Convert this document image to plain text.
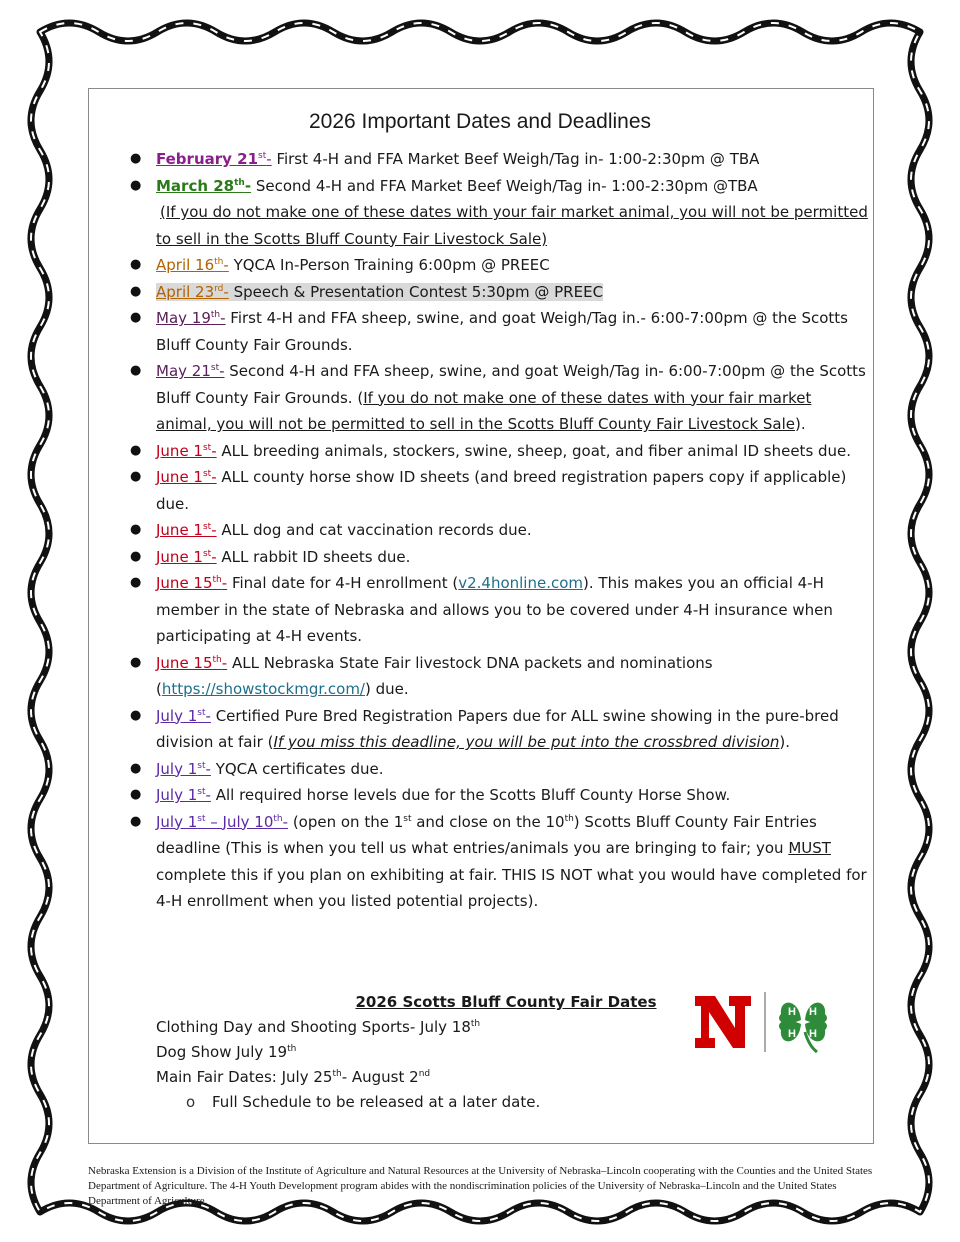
2026 Important Dates and Deadlines
● February 21st- First 4-H and FFA Market Beef Weigh/Tag in- 1:00-2:30pm @ TBA
● March 28th- Second 4-H and FFA Market Beef Weigh/Tag in- 1:00-2:30pm @TBA
(If you do not make one of these dates with your fair market animal, you will not be permitted to sell in the Scotts Bluff County Fair Livestock Sale)
● April 16th- YQCA In-Person Training 6:00pm @ PREEC
● April 23rd- Speech & Presentation Contest 5:30pm @ PREEC
● May 19th- First 4-H and FFA sheep, swine, and goat Weigh/Tag in.- 6:00-7:00pm @ the Scotts Bluff County Fair Grounds.
● May 21st- Second 4-H and FFA sheep, swine, and goat Weigh/Tag in- 6:00-7:00pm @ the Scotts Bluff County Fair Grounds. (If you do not make one of these dates with your fair market animal, you will not be permitted to sell in the Scotts Bluff County Fair Livestock Sale).
● June 1st- ALL breeding animals, stockers, swine, sheep, goat, and fiber animal ID sheets due.
● June 1st- ALL county horse show ID sheets (and breed registration papers copy if applicable) due.
● June 1st- ALL dog and cat vaccination records due.
● June 1st- ALL rabbit ID sheets due.
● June 15th- Final date for 4-H enrollment (v2.4honline.com). This makes you an official 4-H member in the state of Nebraska and allows you to be covered under 4-H insurance when participating at 4-H events.
● June 15th- ALL Nebraska State Fair livestock DNA packets and nominations (https://showstockmgr.com/) due.
● July 1st- Certified Pure Bred Registration Papers due for ALL swine showing in the pure-bred division at fair (If you miss this deadline, you will be put into the crossbred division).
● July 1st- YQCA certificates due.
● July 1st- All required horse levels due for the Scotts Bluff County Horse Show.
● July 1st – July 10th- (open on the 1st and close on the 10th) Scotts Bluff County Fair Entries deadline (This is when you tell us what entries/animals you are bringing to fair; you MUST complete this if you plan on exhibiting at fair. THIS IS NOT what you would have completed for 4-H enrollment when you listed potential projects).
2026 Scotts Bluff County Fair Dates
Clothing Day and Shooting Sports- July 18th
Dog Show July 19th
Main Fair Dates: July 25th- August 2nd
o Full Schedule to be released at a later date.
H H
H H
Nebraska Extension is a Division of the Institute of Agriculture and Natural Resources at the University of Nebraska–Lincoln cooperating with the Counties and the United States Department of Agriculture. The 4-H Youth Development program abides with the nondiscrimination policies of the University of Nebraska–Lincoln and the United States Department of Agriculture.
